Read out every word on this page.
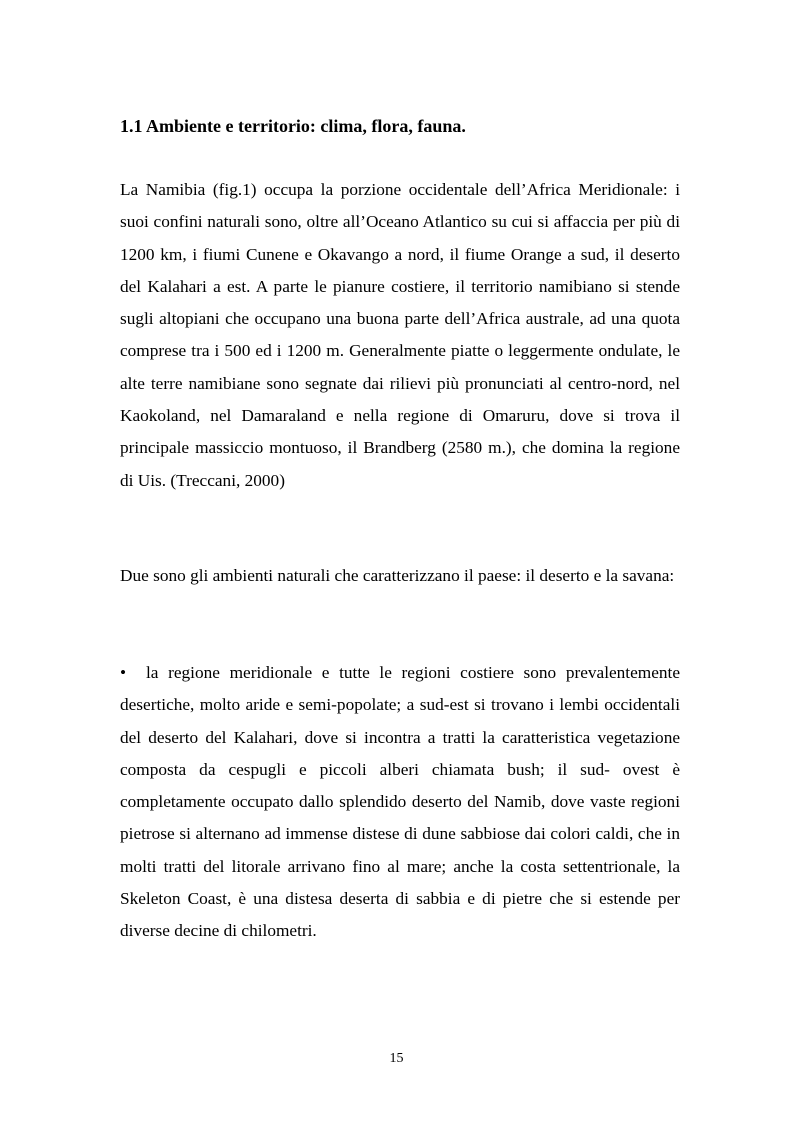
1.1 Ambiente e territorio: clima, flora, fauna.

La Namibia (fig.1) occupa la porzione occidentale dell’Africa Meridionale: i suoi confini naturali sono, oltre all’Oceano Atlantico su cui si affaccia per più di 1200 km, i fiumi Cunene e Okavango a nord, il fiume Orange a sud, il deserto del Kalahari a est. A parte le pianure costiere, il territorio namibiano si stende sugli altopiani che occupano una buona parte dell’Africa australe, ad una quota comprese tra i 500 ed i 1200 m. Generalmente piatte o leggermente ondulate, le alte terre namibiane sono segnate dai rilievi più pronunciati al centro-nord, nel Kaokoland, nel Damaraland e nella regione di Omaruru, dove si trova il principale massiccio montuoso, il Brandberg (2580 m.), che domina la regione di Uis. (Treccani, 2000)

Due sono gli ambienti naturali che caratterizzano il paese: il deserto e la savana:

• la regione meridionale e tutte le regioni costiere sono prevalentemente desertiche, molto aride e semi-popolate; a sud-est si trovano i lembi occidentali del deserto del Kalahari, dove si incontra a tratti la caratteristica vegetazione composta da cespugli e piccoli alberi chiamata bush; il sud- ovest è completamente occupato dallo splendido deserto del Namib, dove vaste regioni pietrose si alternano ad immense distese di dune sabbiose dai colori caldi, che in molti tratti del litorale arrivano fino al mare; anche la costa settentrionale, la Skeleton Coast, è una distesa deserta di sabbia e di pietre che si estende per diverse decine di chilometri.

15
